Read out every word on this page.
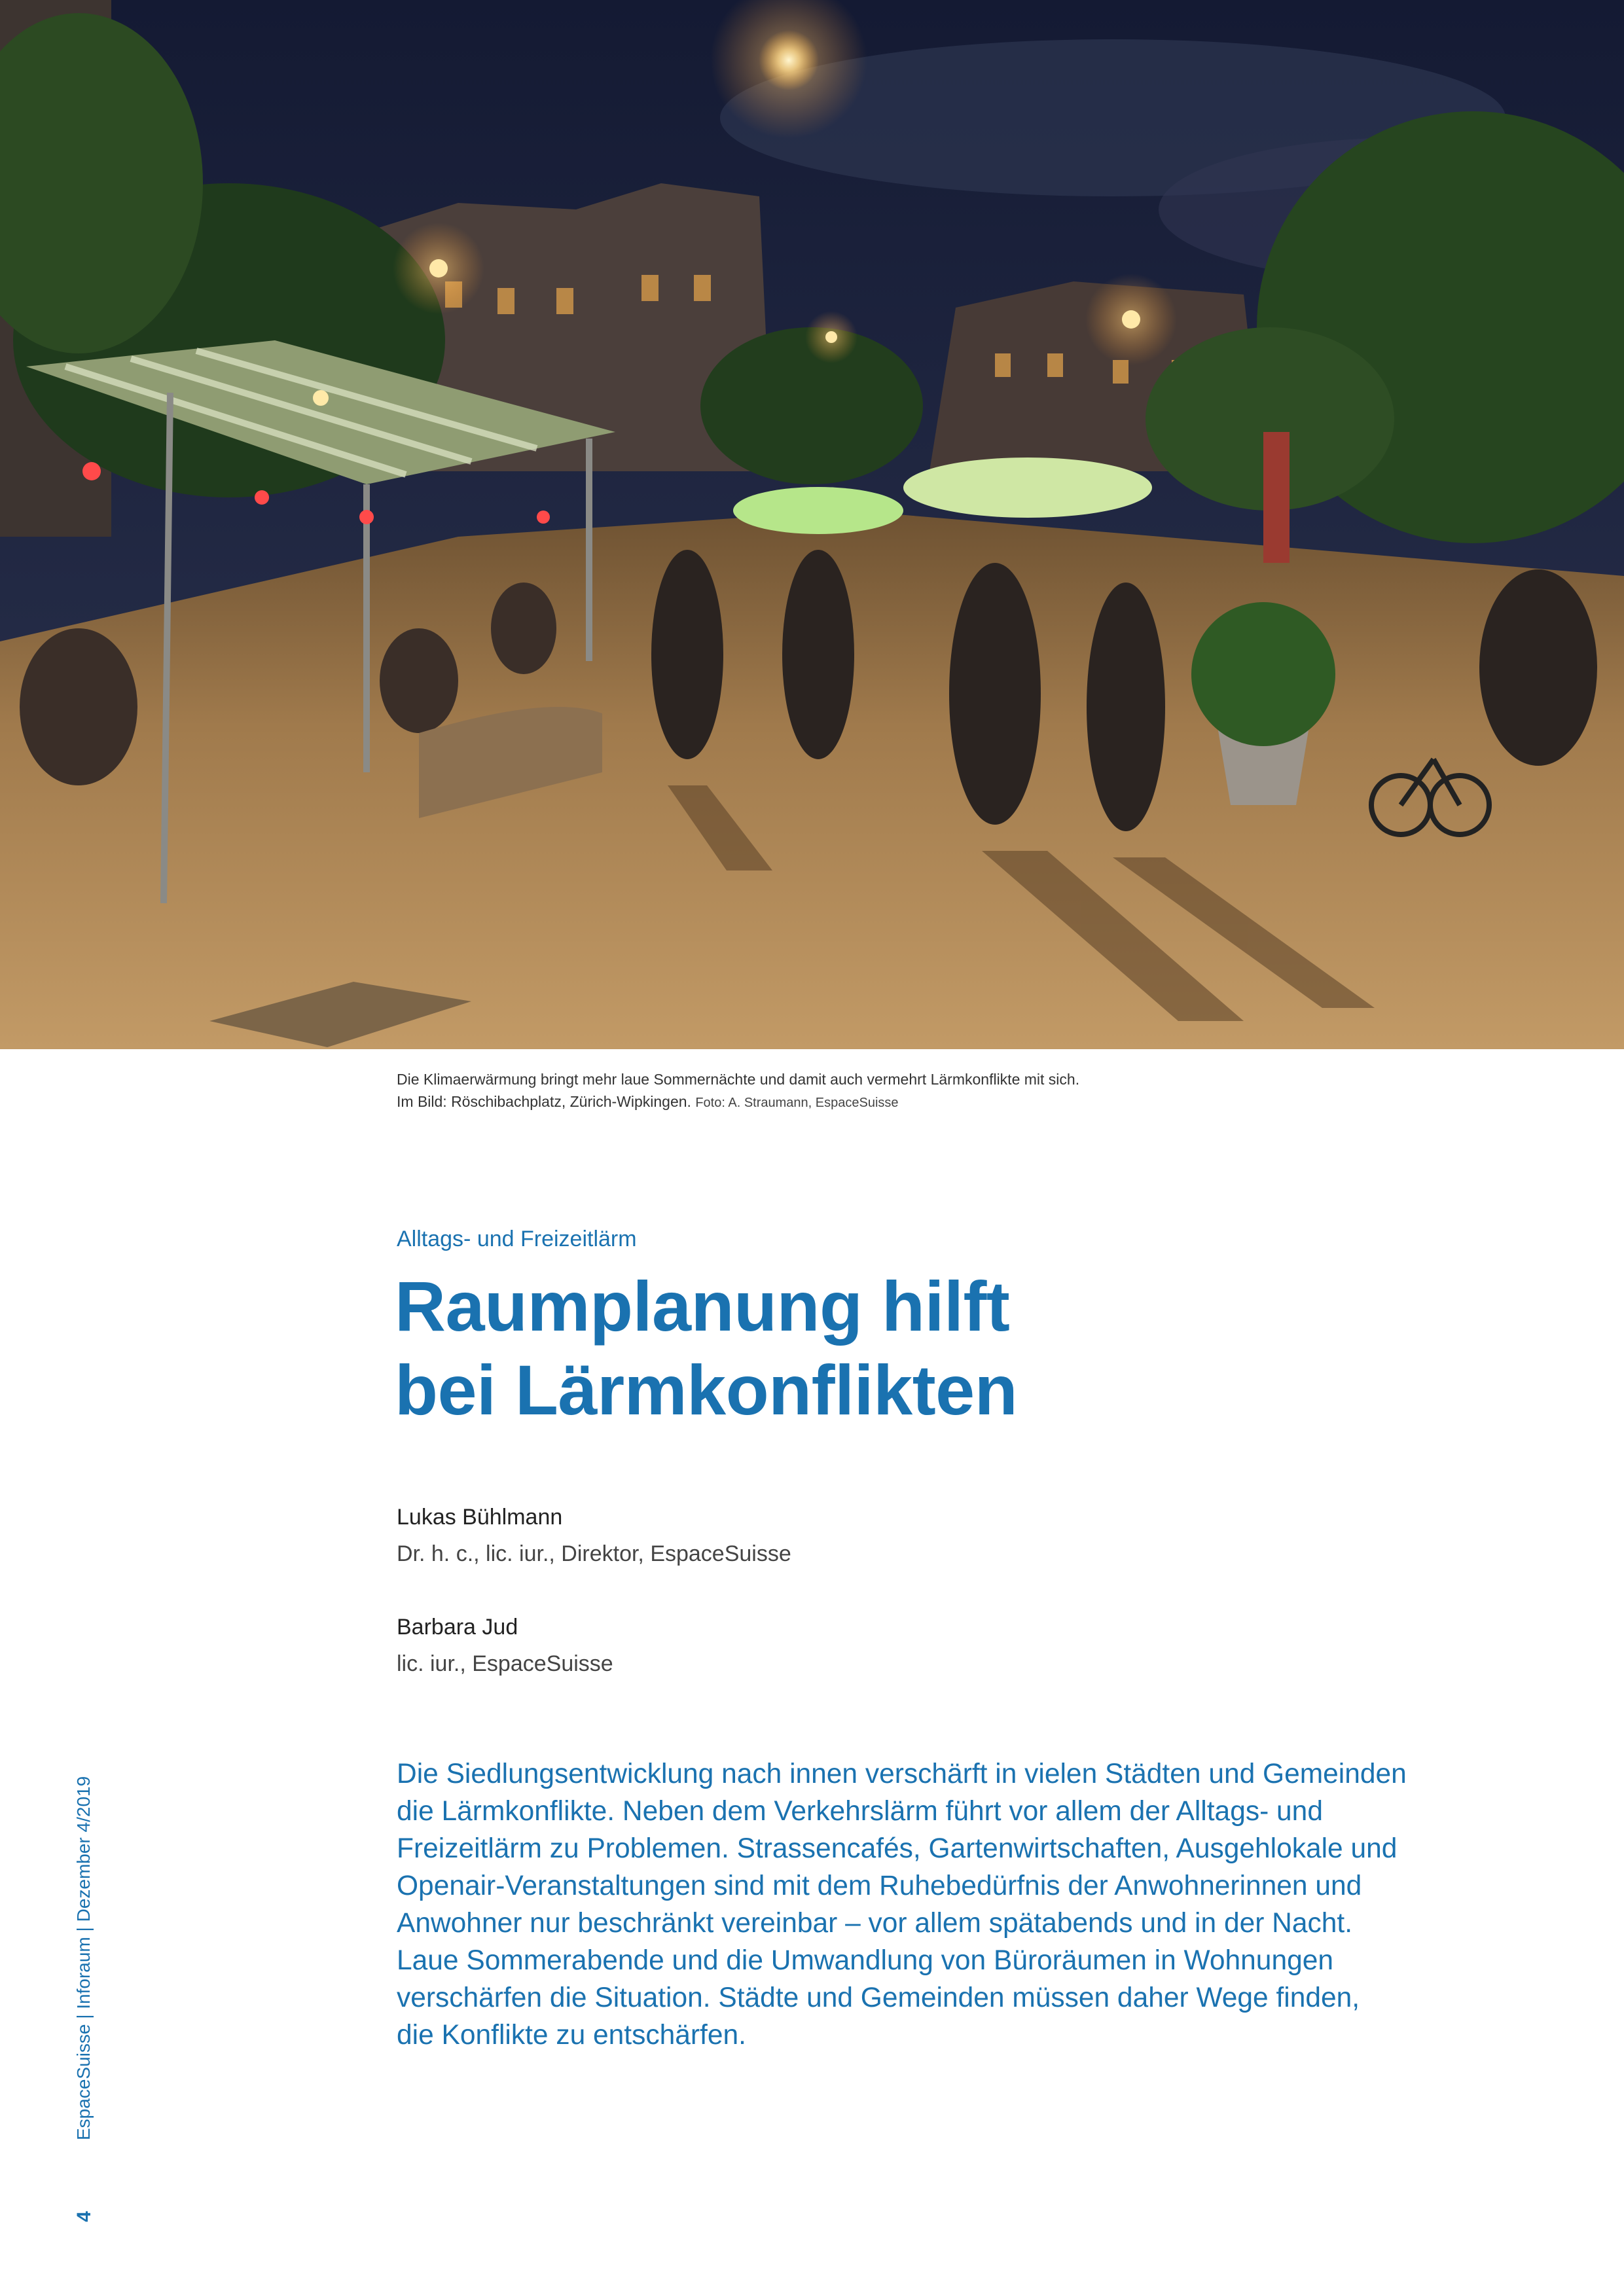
Die Klimaerwärmung bringt mehr laue Sommernächte und damit auch vermehrt Lärmkonflikte mit sich.
Im Bild: Röschibachplatz, Zürich-Wipkingen. Foto: A. Straumann, EspaceSuisse
Alltags- und Freizeitlärm
Raumplanung hilft
bei Lärmkonflikten
Lukas Bühlmann
Dr. h. c., lic. iur., Direktor, EspaceSuisse
Barbara Jud
lic. iur., EspaceSuisse

Die Siedlungsentwicklung nach innen verschärft in vielen Städten und Gemeinden
die Lärmkonflikte. Neben dem Verkehrslärm führt vor allem der Alltags- und
Freizeitlärm zu Problemen. Strassencafés, Gartenwirtschaften, Ausgehlokale und
Openair-Veranstaltungen sind mit dem Ruhebedürfnis der Anwohnerinnen und
Anwohner nur beschränkt vereinbar – vor allem spätabends und in der Nacht.
Laue Sommerabende und die Umwandlung von Büroräumen in Wohnungen
verschärfen die Situation. Städte und Gemeinden müssen daher Wege finden,
die Konflikte zu entschärfen.

EspaceSuisse | Inforaum | Dezember 4/2019
4
